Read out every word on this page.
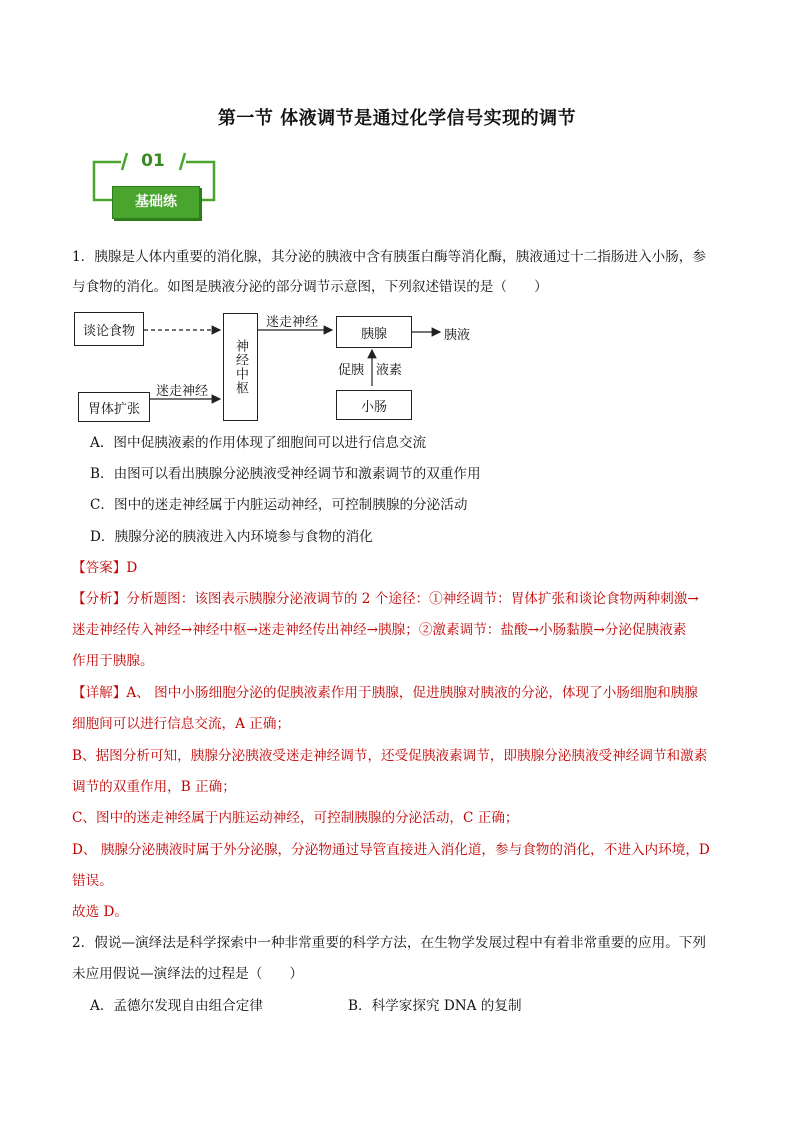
第一节 体液调节是通过化学信号实现的调节
01
基础练
1．胰腺是人体内重要的消化腺，其分泌的胰液中含有胰蛋白酶等消化酶，胰液通过十二指肠进入小肠，参
与食物的消化。如图是胰液分泌的部分调节示意图，下列叙述错误的是（　　）
谈论食物
胃体扩张
神经中枢
胰腺
小肠
迷走神经
迷走神经
促胰 液素
胰液
A．图中促胰液素的作用体现了细胞间可以进行信息交流
B．由图可以看出胰腺分泌胰液受神经调节和激素调节的双重作用
C．图中的迷走神经属于内脏运动神经，可控制胰腺的分泌活动
D．胰腺分泌的胰液进入内环境参与食物的消化
【答案】D
【分析】分析题图：该图表示胰腺分泌液调节的 2 个途径：①神经调节：胃体扩张和谈论食物两种刺激→
迷走神经传入神经→神经中枢→迷走神经传出神经→胰腺；②激素调节：盐酸→小肠黏膜→分泌促胰液素
作用于胰腺。
【详解】A、 图中小肠细胞分泌的促胰液素作用于胰腺，促进胰腺对胰液的分泌，体现了小肠细胞和胰腺
细胞间可以进行信息交流，A 正确；
B、据图分析可知，胰腺分泌胰液受迷走神经调节，还受促胰液素调节，即胰腺分泌胰液受神经调节和激素
调节的双重作用，B 正确；
C、图中的迷走神经属于内脏运动神经，可控制胰腺的分泌活动，C 正确；
D、 胰腺分泌胰液时属于外分泌腺，分泌物通过导管直接进入消化道，参与食物的消化，不进入内环境，D
错误。
故选 D。
2．假说—演绎法是科学探索中一种非常重要的科学方法，在生物学发展过程中有着非常重要的应用。下列
未应用假说—演绎法的过程是（　　）
A．孟德尔发现自由组合定律	B．科学家探究 DNA 的复制
